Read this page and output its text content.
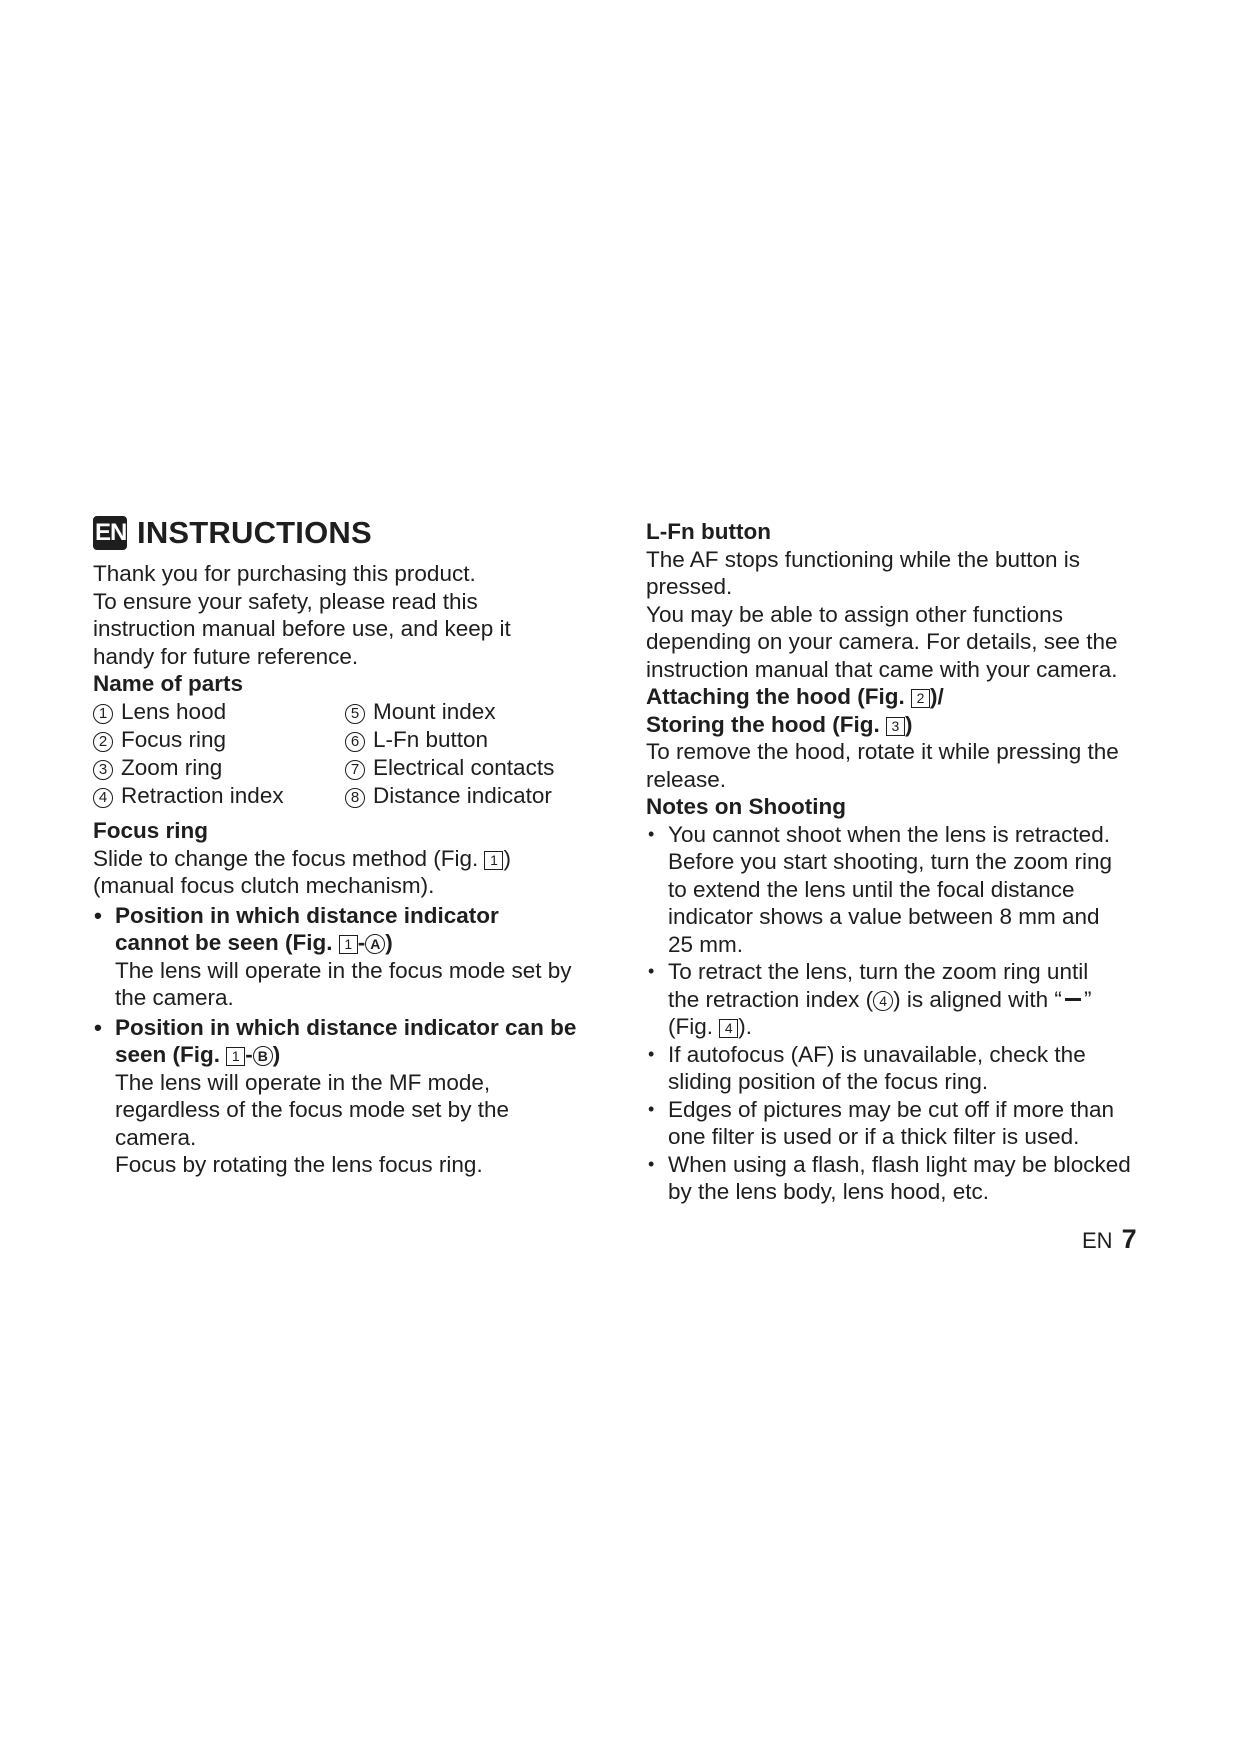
EN INSTRUCTIONS

Thank you for purchasing this product.

To ensure your safety, please read this

instruction manual before use, and keep it

handy for future reference.

Name of parts

1 Lens hood
2 Focus ring
3 Zoom ring
4 Retraction index
5 Mount index
6 L-Fn button
7 Electrical contacts
8 Distance indicator

Focus ring

Slide to change the focus method (Fig. 1 )

(manual focus clutch mechanism).

• Position in which distance indicator

cannot be seen (Fig. 1 - A )

The lens will operate in the focus mode set by

the camera.

• Position in which distance indicator can be

seen (Fig. 1 - B )

The lens will operate in the MF mode,

regardless of the focus mode set by the

camera.

Focus by rotating the lens focus ring.

L-Fn button

The AF stops functioning while the button is

pressed.

You may be able to assign other functions

depending on your camera. For details, see the

instruction manual that came with your camera.

Attaching the hood (Fig. 2 )/

Storing the hood (Fig. 3 )

To remove the hood, rotate it while pressing the

release.

Notes on Shooting

• You cannot shoot when the lens is retracted.

Before you start shooting, turn the zoom ring

to extend the lens until the focal distance

indicator shows a value between 8 mm and

25 mm.

• To retract the lens, turn the zoom ring until

the retraction index ( 4 ) is aligned with “ ”

(Fig. 4 ).

• If autofocus (AF) is unavailable, check the

sliding position of the focus ring.

• Edges of pictures may be cut off if more than

one filter is used or if a thick filter is used.

• When using a flash, flash light may be blocked

by the lens body, lens hood, etc.

EN 7
